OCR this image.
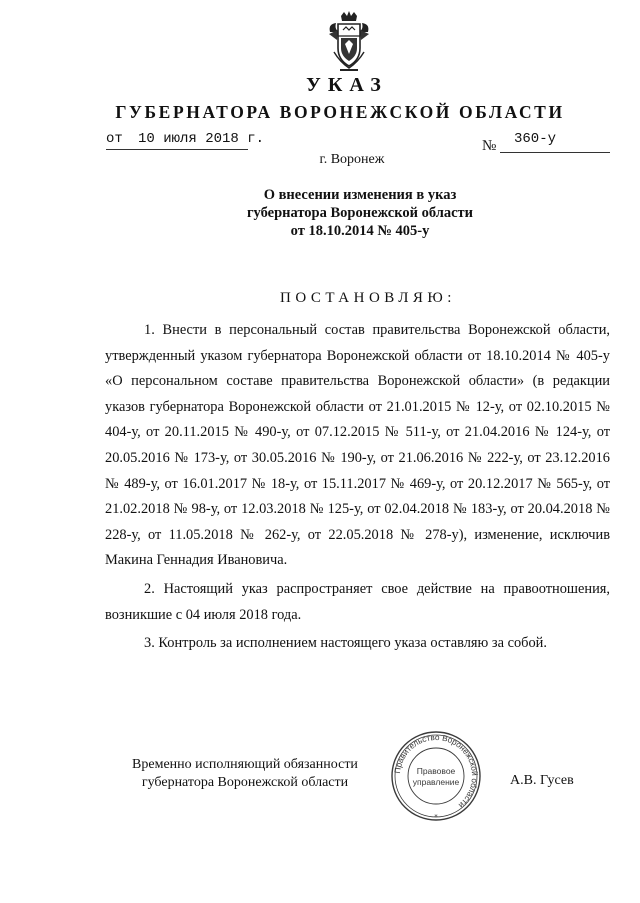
УКАЗ
ГУБЕРНАТОРА ВОРОНЕЖСКОЙ ОБЛАСТИ
от 10 июля 2018 г.	№ 360-у
г. Воронеж
О внесении изменения в указ
губернатора Воронежской области
от 18.10.2014 № 405-у
ПОСТАНОВЛЯЮ:

1. Внести в персональный состав правительства Воронежской области, утвержденный указом губернатора Воронежской области от 18.10.2014 № 405-у «О персональном составе правительства Воронежской области» (в редакции указов губернатора Воронежской области от 21.01.2015 № 12-у, от 02.10.2015 № 404-у, от 20.11.2015 № 490-у, от 07.12.2015 № 511-у, от 21.04.2016 № 124-у, от 20.05.2016 № 173-у, от 30.05.2016 № 190-у, от 21.06.2016 № 222-у, от 23.12.2016 № 489-у, от 16.01.2017 № 18-у, от 15.11.2017 № 469-у, от 20.12.2017 № 565-у, от 21.02.2018 № 98-у, от 12.03.2018 № 125-у, от 02.04.2018 № 183-у, от 20.04.2018 № 228-у, от 11.05.2018 № 262-у, от 22.05.2018 № 278-у), изменение, исключив Макина Геннадия Ивановича.

2. Настоящий указ распространяет свое действие на правоотношения, возникшие с 04 июля 2018 года.

3. Контроль за исполнением настоящего указа оставляю за собой.

Временно исполняющий обязанности
губернатора Воронежской области
Правительство Воронежской области
Правовое
управление
*
А.В. Гусев
